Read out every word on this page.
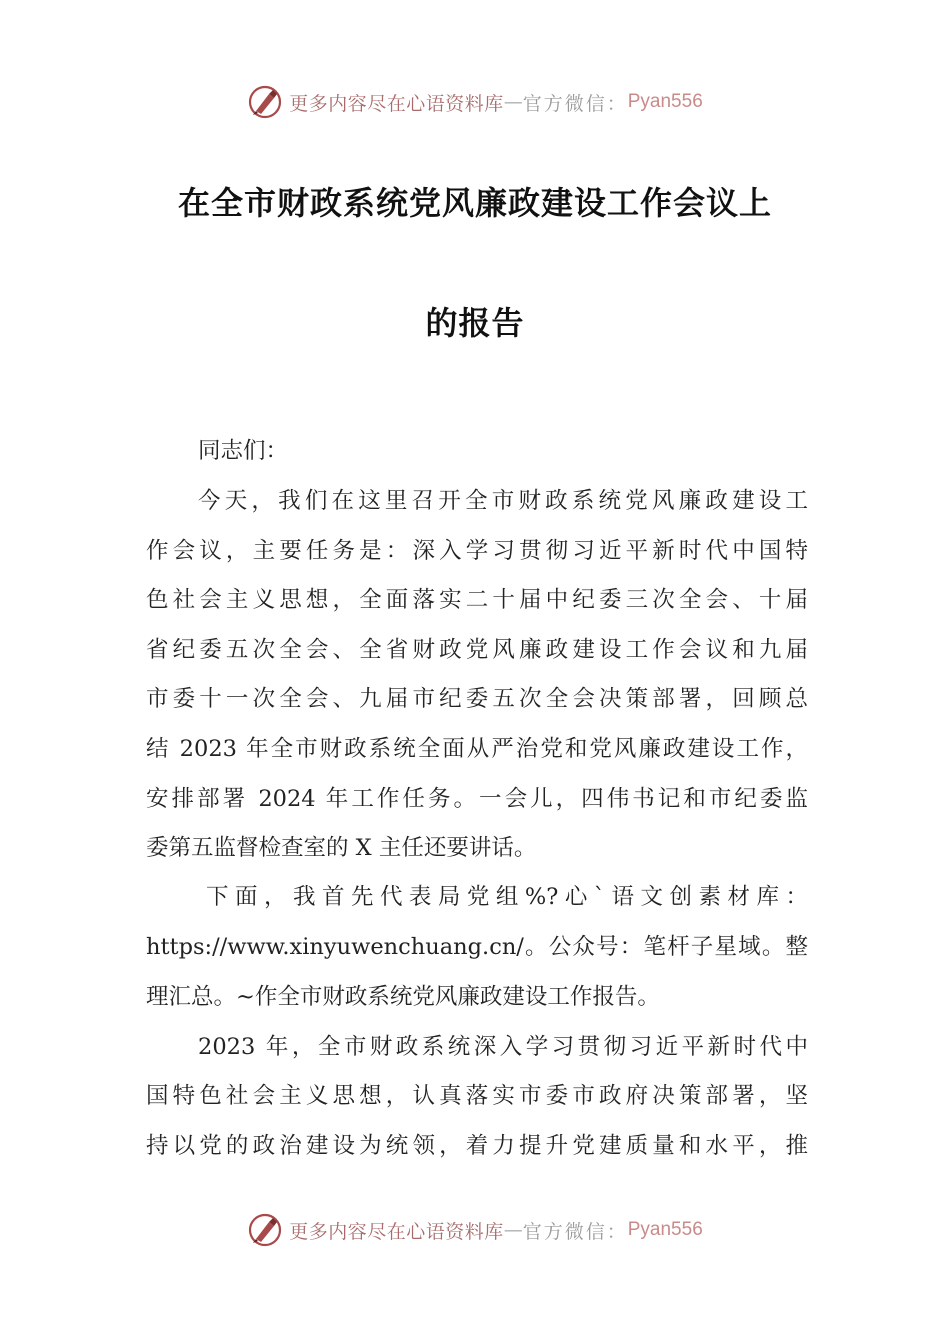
更多内容尽在心语资料库 — 官方微信： Pyan556
在全市财政系统党风廉政建设工作会议上
的报告
同志们：
今天，我们在这里召开全市财政系统党风廉政建设工
作会议，主要任务是：深入学习贯彻习近平新时代中国特
色社会主义思想，全面落实二十届中纪委三次全会、十届
省纪委五次全会、全省财政党风廉政建设工作会议和九届
市委十一次全会、九届市纪委五次全会决策部署，回顾总
结 2023 年全市财政系统全面从严治党和党风廉政建设工作，
安排部署 2024 年工作任务。一会儿，四伟书记和市纪委监
委第五监督检查室的 X 主任还要讲话。
下面，我首先代表局党组%?心`语文创素材库：
https://www.xinyuwenchuang.cn/。公众号：笔杆子星域。整
理汇总。~作全市财政系统党风廉政建设工作报告。
2023 年，全市财政系统深入学习贯彻习近平新时代中
国特色社会主义思想，认真落实市委市政府决策部署，坚
持以党的政治建设为统领，着力提升党建质量和水平，推
更多内容尽在心语资料库 — 官方微信： Pyan556
